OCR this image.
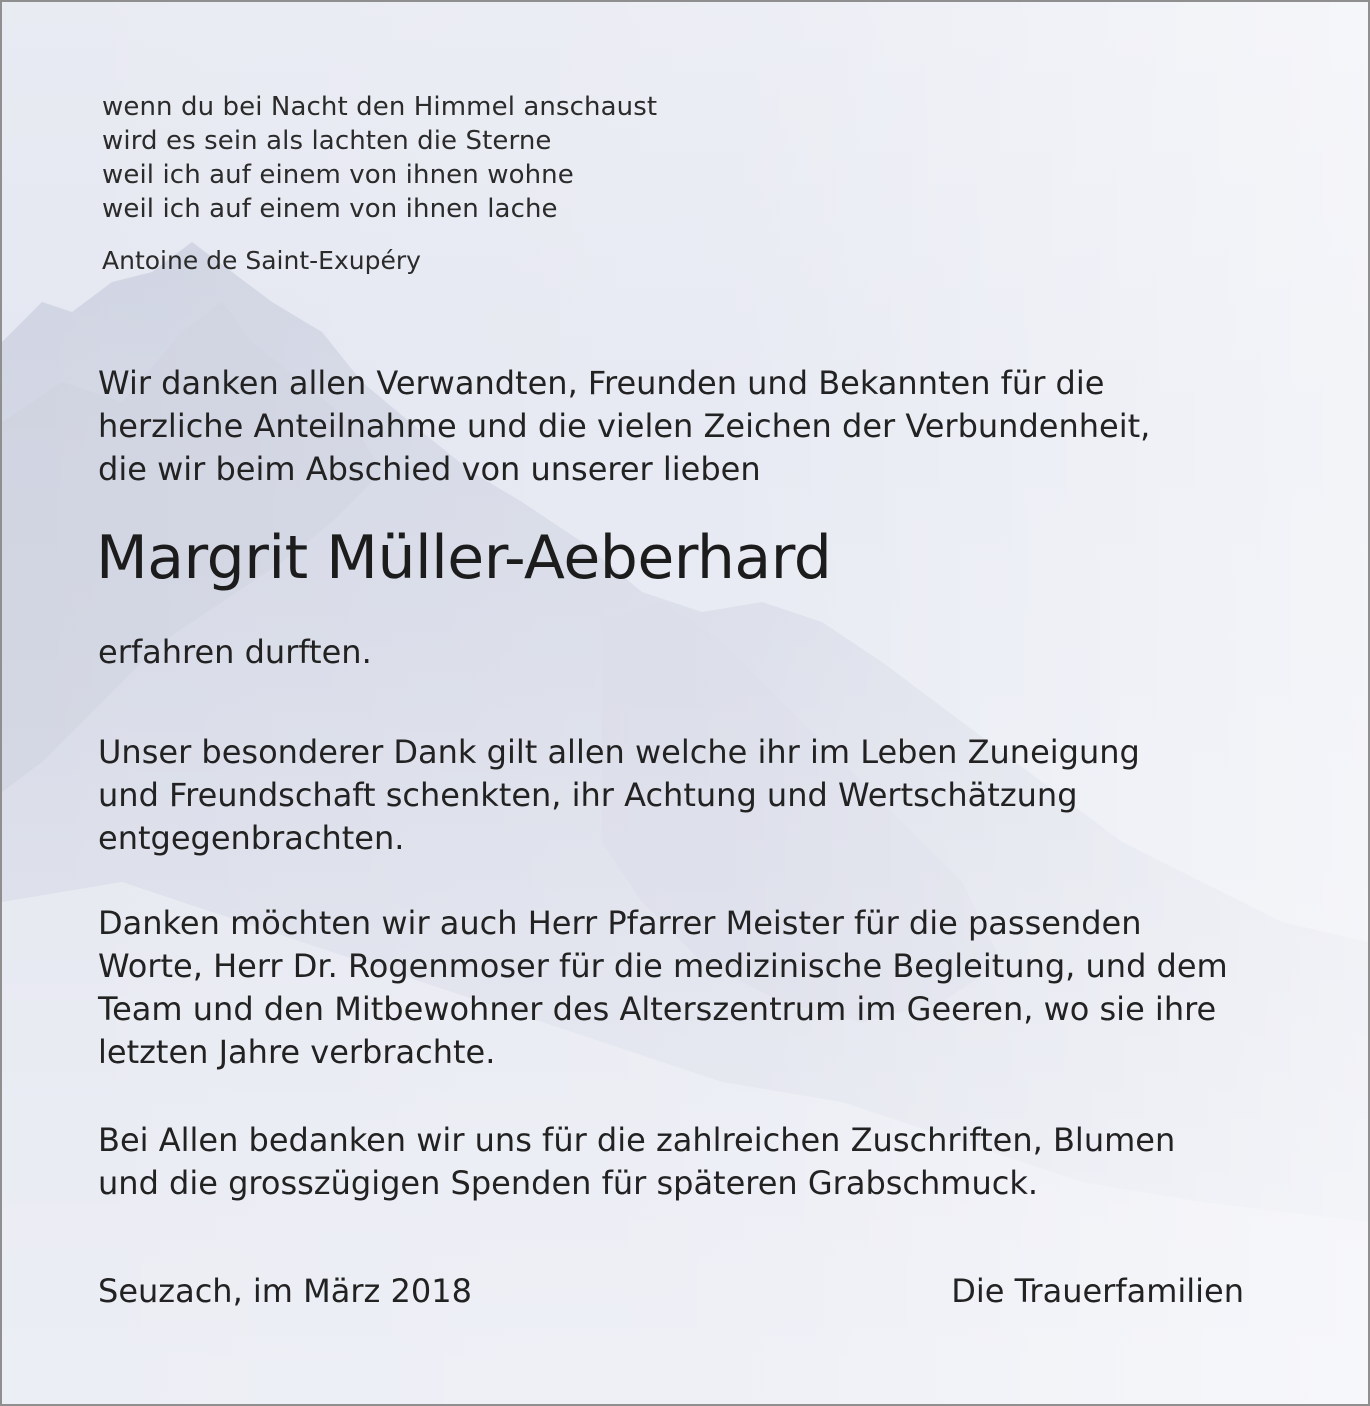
wenn du bei Nacht den Himmel anschaust
wird es sein als lachten die Sterne
weil ich auf einem von ihnen wohne
weil ich auf einem von ihnen lache
Antoine de Saint-Exupéry
Wir danken allen Verwandten, Freunden und Bekannten für die
herzliche Anteilnahme und die vielen Zeichen der Verbundenheit,
die wir beim Abschied von unserer lieben
Margrit Müller-Aeberhard
erfahren durften.
Unser besonderer Dank gilt allen welche ihr im Leben Zuneigung
und Freundschaft schenkten, ihr Achtung und Wertschätzung
entgegenbrachten.
Danken möchten wir auch Herr Pfarrer Meister für die passenden
Worte, Herr Dr. Rogenmoser für die medizinische Begleitung, und dem
Team und den Mitbewohner des Alterszentrum im Geeren, wo sie ihre
letzten Jahre verbrachte.
Bei Allen bedanken wir uns für die zahlreichen Zuschriften, Blumen
und die grosszügigen Spenden für späteren Grabschmuck.
Seuzach, im März 2018	Die Trauerfamilien
